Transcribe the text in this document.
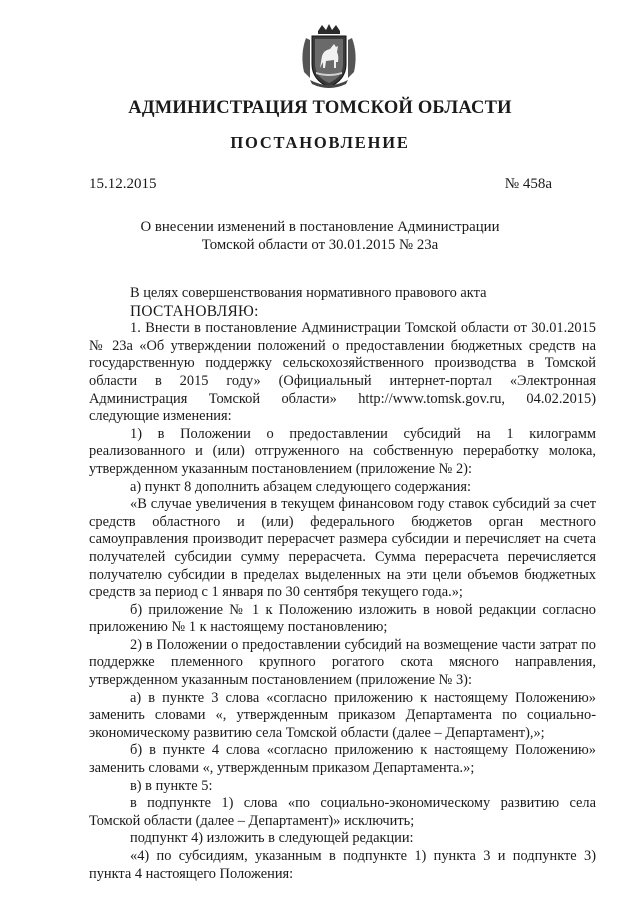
АДМИНИСТРАЦИЯ ТОМСКОЙ ОБЛАСТИ
ПОСТАНОВЛЕНИЕ
15.12.2015	№ 458а
О внесении изменений в постановление Администрации
Томской области от 30.01.2015 № 23а

В целях совершенствования нормативного правового акта

ПОСТАНОВЛЯЮ:

1. Внести в постановление Администрации Томской области от 30.01.2015 № 23а «Об утверждении положений о предоставлении бюджетных средств на государственную поддержку сельскохозяйственного производства в Томской области в 2015 году» (Официальный интернет-портал «Электронная Администрация Томской области» http://www.tomsk.gov.ru, 04.02.2015) следующие изменения:

1) в Положении о предоставлении субсидий на 1 килограмм реализованного и (или) отгруженного на собственную переработку молока, утвержденном указанным постановлением (приложение № 2):

а) пункт 8 дополнить абзацем следующего содержания:

«В случае увеличения в текущем финансовом году ставок субсидий за счет средств областного и (или) федерального бюджетов орган местного самоуправления производит перерасчет размера субсидии и перечисляет на счета получателей субсидии сумму перерасчета. Сумма перерасчета перечисляется получателю субсидии в пределах выделенных на эти цели объемов бюджетных средств за период с 1 января по 30 сентября текущего года.»;

б) приложение № 1 к Положению изложить в новой редакции согласно приложению № 1 к настоящему постановлению;

2) в Положении о предоставлении субсидий на возмещение части затрат по поддержке племенного крупного рогатого скота мясного направления, утвержденном указанным постановлением (приложение № 3):

а) в пункте 3 слова «согласно приложению к настоящему Положению» заменить словами «, утвержденным приказом Департамента по социально-экономическому развитию села Томской области (далее – Департамент),»;

б) в пункте 4 слова «согласно приложению к настоящему Положению» заменить словами «, утвержденным приказом Департамента.»;

в) в пункте 5:

в подпункте 1) слова «по социально-экономическому развитию села Томской области (далее – Департамент)» исключить;

подпункт 4) изложить в следующей редакции:

«4) по субсидиям, указанным в подпункте 1) пункта 3 и подпункте 3) пункта 4 настоящего Положения:
